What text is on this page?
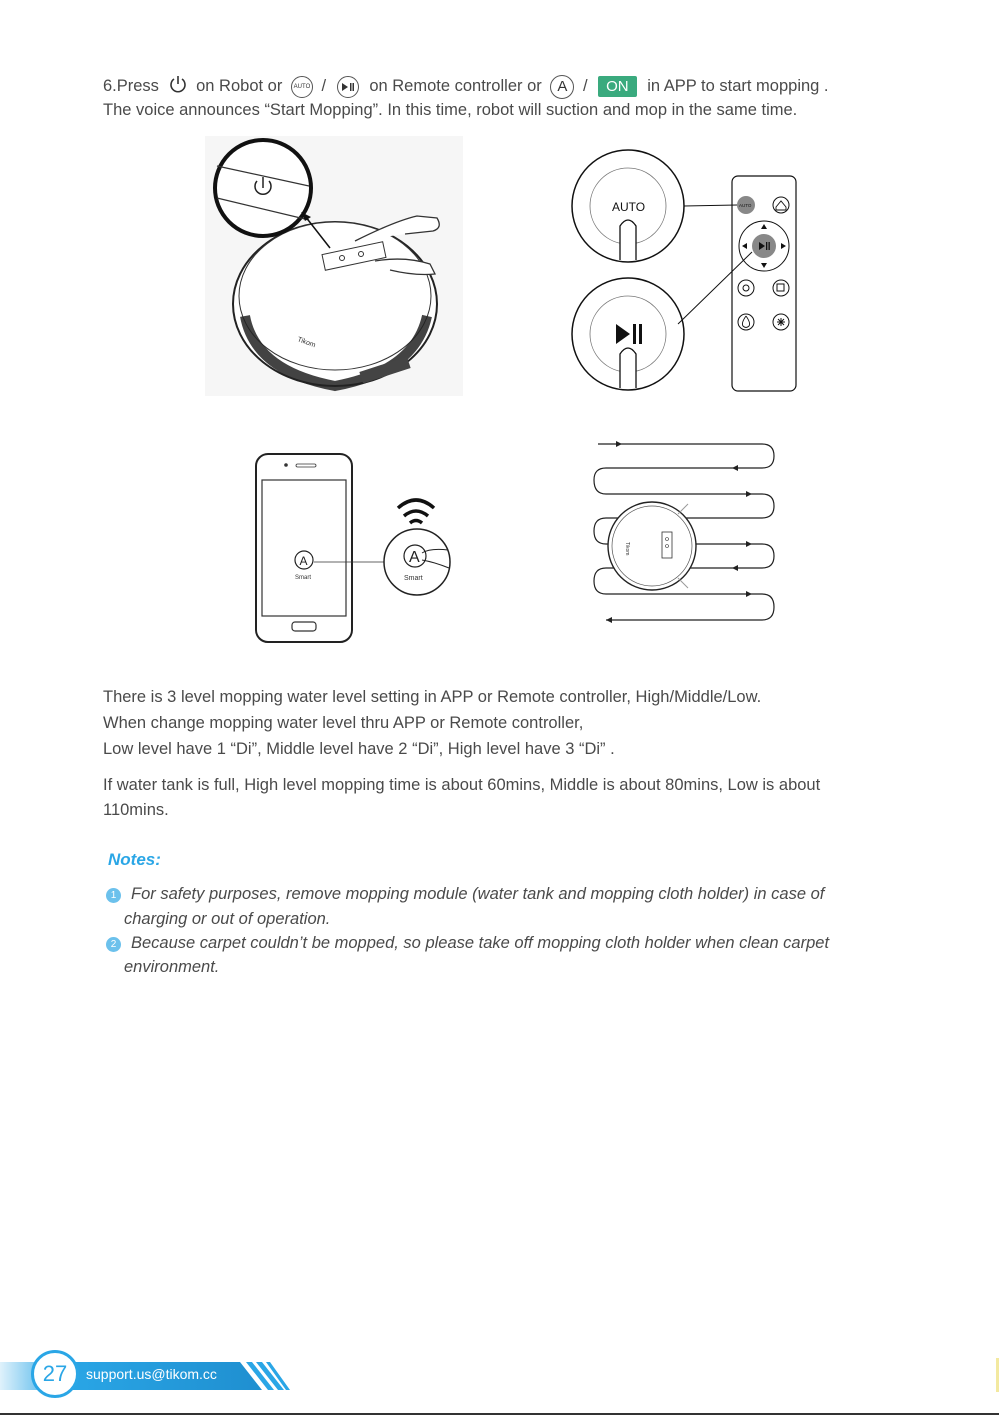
6.Press on Robot or AUTO /	on Remote controller or A / ON in APP to start mopping .
The voice announces “Start Mopping”. In this time, robot will suction and mop in the same time.
Tikom
AUTO	AUTO
A
Smart
A
Smart
Tikom
There is 3 level mopping water level setting in APP or Remote controller, High/Middle/Low.
When change mopping water level thru APP or Remote controller,
Low level have 1 “Di”, Middle level have 2 “Di”, High level have 3 “Di” .
If water tank is full, High level mopping time is about 60mins, Middle is about 80mins, Low is about
110mins.
Notes:
1 For safety purposes, remove mopping module (water tank and mopping cloth holder) in case of
charging or out of operation.
2 Because carpet couldn’t be mopped, so please take off mopping cloth holder when clean carpet
environment.
27	support.us@tikom.cc
